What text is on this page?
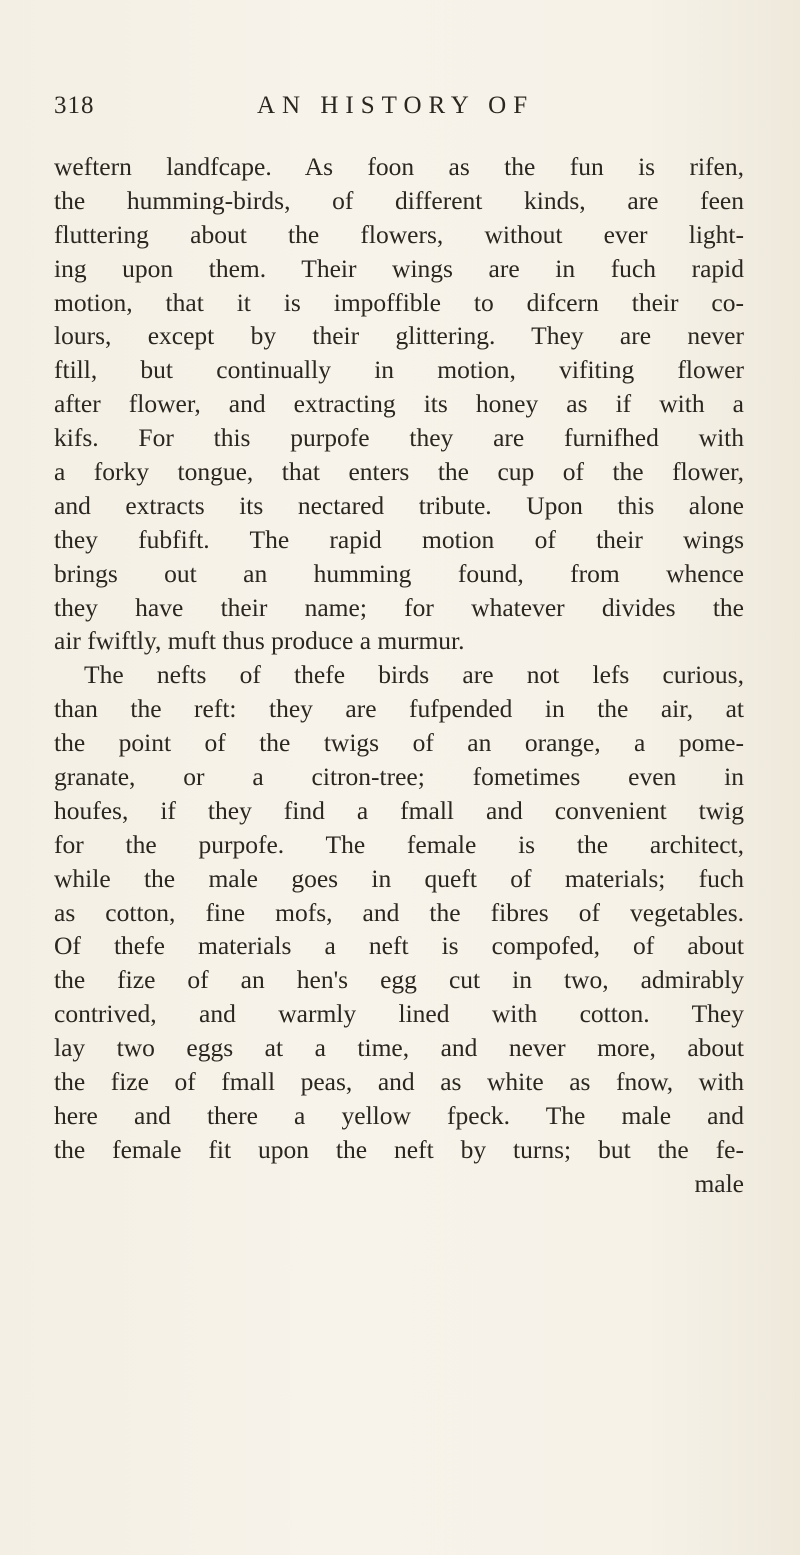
318	AN HISTORY OF
weftern landfcape. As foon as the fun is rifen,
the humming-birds, of different kinds, are feen
fluttering about the flowers, without ever light-
ing upon them. Their wings are in fuch rapid
motion, that it is impoffible to difcern their co-
lours, except by their glittering. They are never
ftill, but continually in motion, vifiting flower
after flower, and extracting its honey as if with a
kifs. For this purpofe they are furnifhed with
a forky tongue, that enters the cup of the flower,
and extracts its nectared tribute. Upon this alone
they fubfift. The rapid motion of their wings
brings out an humming found, from whence
they have their name; for whatever divides the
air fwiftly, muft thus produce a murmur.
The nefts of thefe birds are not lefs curious,
than the reft: they are fufpended in the air, at
the point of the twigs of an orange, a pome-
granate, or a citron-tree; fometimes even in
houfes, if they find a fmall and convenient twig
for the purpofe. The female is the architect,
while the male goes in queft of materials; fuch
as cotton, fine mofs, and the fibres of vegetables.
Of thefe materials a neft is compofed, of about
the fize of an hen's egg cut in two, admirably
contrived, and warmly lined with cotton. They
lay two eggs at a time, and never more, about
the fize of fmall peas, and as white as fnow, with
here and there a yellow fpeck. The male and
the female fit upon the neft by turns; but the fe-
male
